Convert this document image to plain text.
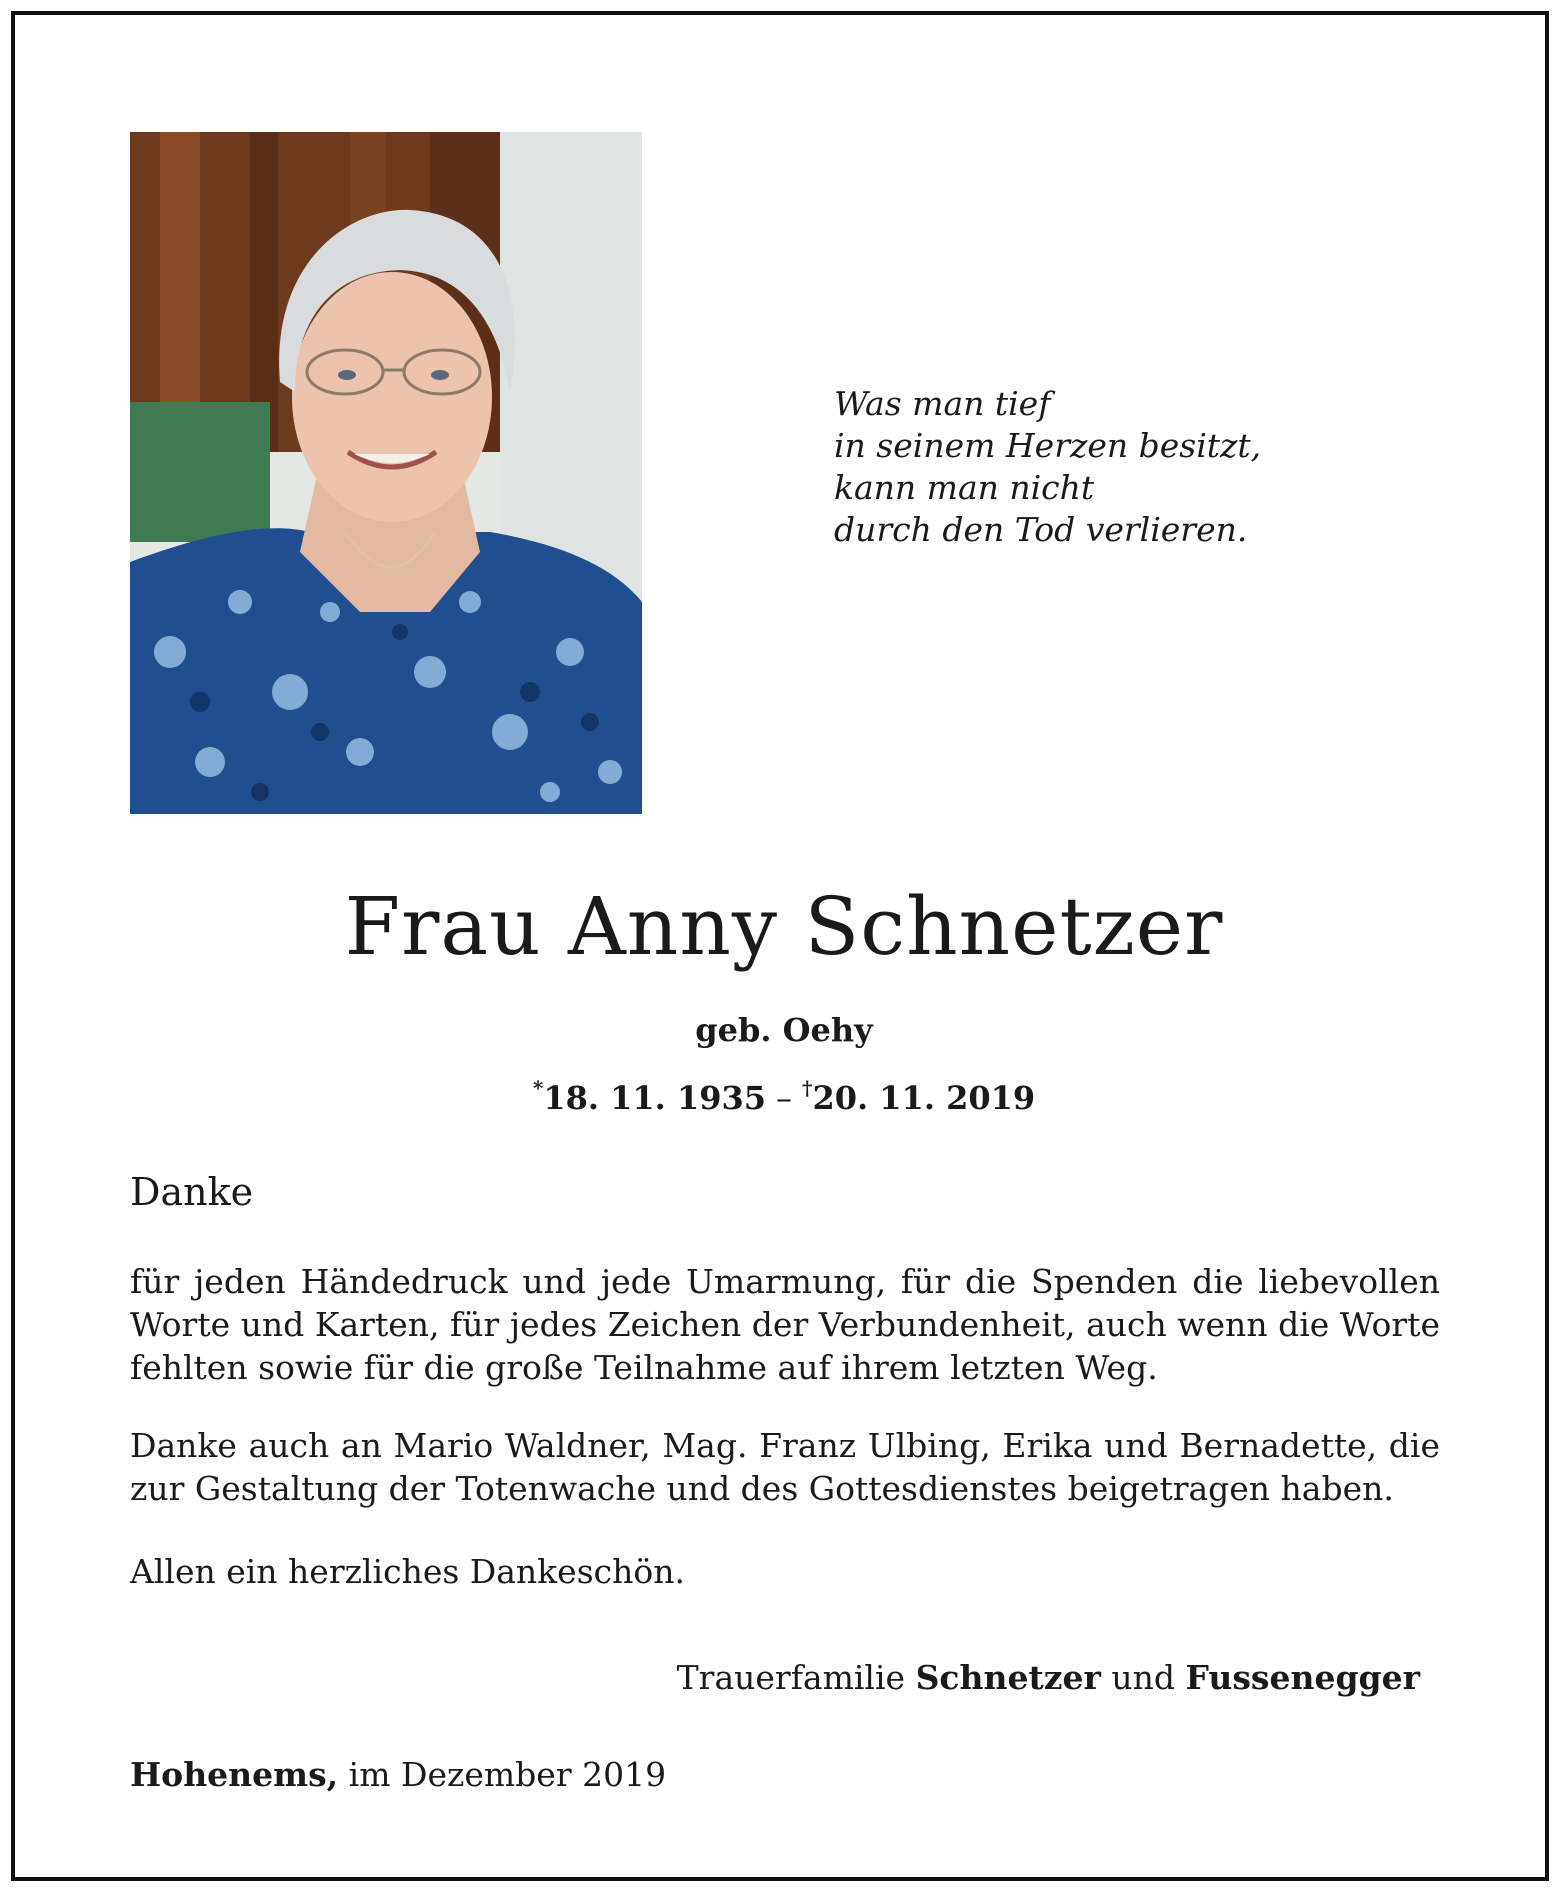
Was man tief
in seinem Herzen besitzt,
kann man nicht
durch den Tod verlieren.
Frau Anny Schnetzer
geb. Oehy
*18. 11. 1935 – †20. 11. 2019
Danke
für jeden Händedruck und jede Umarmung, für die Spenden die liebevollen Worte und Karten, für jedes Zeichen der Verbundenheit, auch wenn die Worte fehlten sowie für die große Teilnahme auf ihrem letzten Weg.
Danke auch an Mario Waldner, Mag. Franz Ulbing, Erika und Bernadette, die zur Gestaltung der Totenwache und des Gottesdienstes beigetragen haben.
Allen ein herzliches Dankeschön.
Trauerfamilie Schnetzer und Fussenegger
Hohenems, im Dezember 2019
